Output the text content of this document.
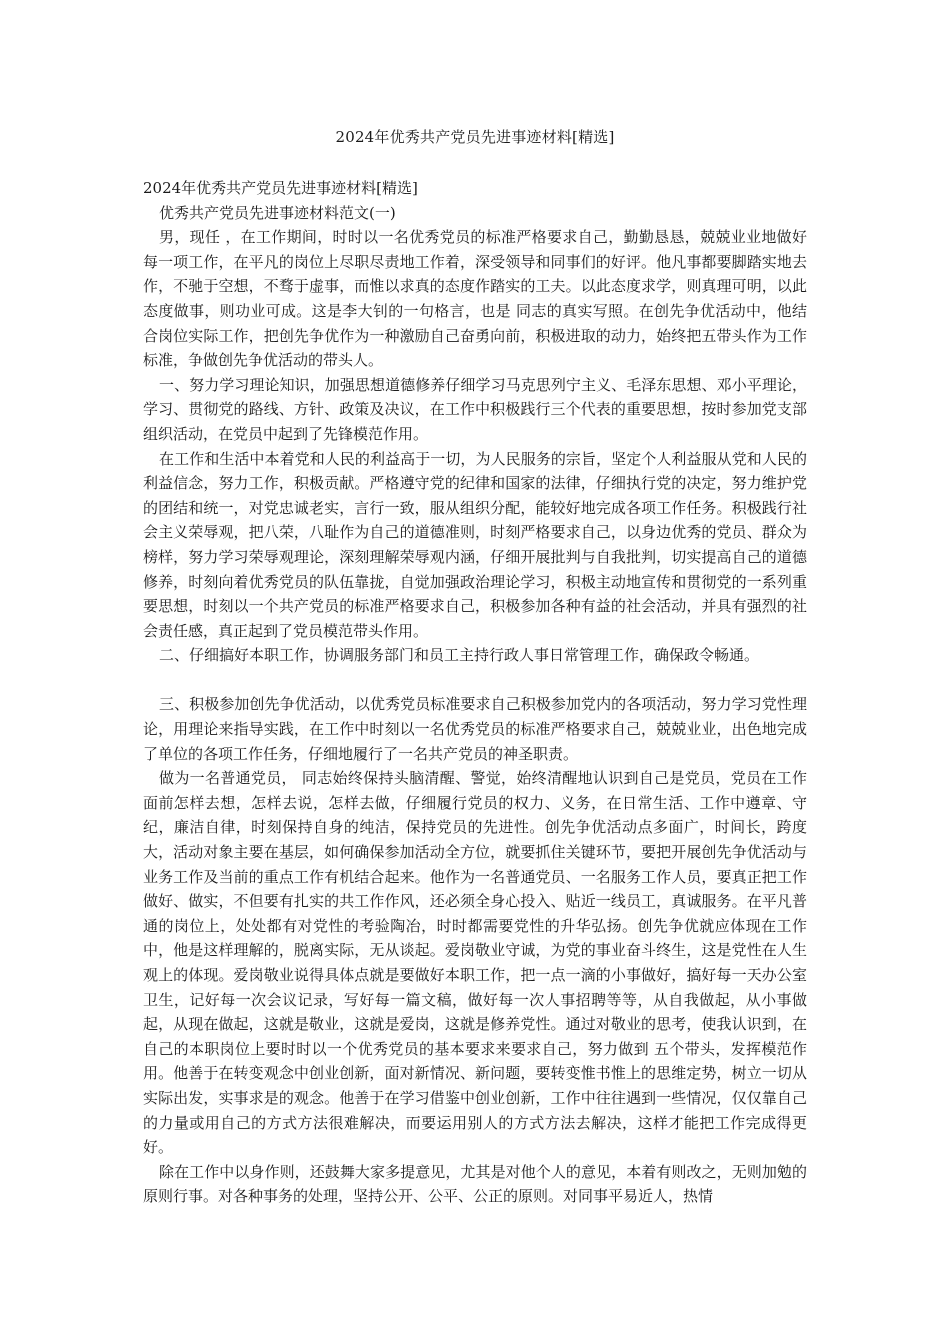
2024年优秀共产党员先进事迹材料[精选]

2024年优秀共产党员先进事迹材料[精选]

优秀共产党员先进事迹材料范文(一)

男，现任 ，在工作期间，时时以一名优秀党员的标准严格要求自己，勤勤恳恳，兢兢业业地做好每一项工作，在平凡的岗位上尽职尽责地工作着，深受领导和同事们的好评。他凡事都要脚踏实地去作，不驰于空想，不骛于虚事，而惟以求真的态度作踏实的工夫。以此态度求学，则真理可明，以此态度做事，则功业可成。这是李大钊的一句格言，也是 同志的真实写照。在创先争优活动中，他结合岗位实际工作，把创先争优作为一种激励自己奋勇向前，积极进取的动力，始终把五带头作为工作标准，争做创先争优活动的带头人。

一、努力学习理论知识，加强思想道德修养仔细学习马克思列宁主义、毛泽东思想、邓小平理论，学习、贯彻党的路线、方针、政策及决议，在工作中积极践行三个代表的重要思想，按时参加党支部组织活动，在党员中起到了先锋模范作用。

在工作和生活中本着党和人民的利益高于一切，为人民服务的宗旨，坚定个人利益服从党和人民的利益信念，努力工作，积极贡献。严格遵守党的纪律和国家的法律，仔细执行党的决定，努力维护党的团结和统一，对党忠诚老实，言行一致，服从组织分配，能较好地完成各项工作任务。积极践行社会主义荣辱观，把八荣，八耻作为自己的道德准则，时刻严格要求自己，以身边优秀的党员、群众为榜样，努力学习荣辱观理论，深刻理解荣辱观内涵，仔细开展批判与自我批判，切实提高自己的道德修养，时刻向着优秀党员的队伍靠拢，自觉加强政治理论学习，积极主动地宣传和贯彻党的一系列重要思想，时刻以一个共产党员的标准严格要求自己，积极参加各种有益的社会活动，并具有强烈的社会责任感，真正起到了党员模范带头作用。

二、仔细搞好本职工作，协调服务部门和员工主持行政人事日常管理工作，确保政令畅通。

三、积极参加创先争优活动，以优秀党员标准要求自己积极参加党内的各项活动，努力学习党性理论，用理论来指导实践，在工作中时刻以一名优秀党员的标准严格要求自己，兢兢业业，出色地完成了单位的各项工作任务，仔细地履行了一名共产党员的神圣职责。

做为一名普通党员， 同志始终保持头脑清醒、警觉，始终清醒地认识到自己是党员，党员在工作面前怎样去想，怎样去说，怎样去做，仔细履行党员的权力、义务，在日常生活、工作中遵章、守纪，廉洁自律，时刻保持自身的纯洁，保持党员的先进性。创先争优活动点多面广，时间长，跨度大，活动对象主要在基层，如何确保参加活动全方位，就要抓住关键环节，要把开展创先争优活动与业务工作及当前的重点工作有机结合起来。他作为一名普通党员、一名服务工作人员，要真正把工作做好、做实，不但要有扎实的共工作作风，还必须全身心投入、贴近一线员工，真诚服务。在平凡普通的岗位上，处处都有对党性的考验陶冶，时时都需要党性的升华弘扬。创先争优就应体现在工作中，他是这样理解的，脱离实际，无从谈起。爱岗敬业守诚，为党的事业奋斗终生，这是党性在人生观上的体现。爱岗敬业说得具体点就是要做好本职工作，把一点一滴的小事做好，搞好每一天办公室卫生，记好每一次会议记录，写好每一篇文稿，做好每一次人事招聘等等，从自我做起，从小事做起，从现在做起，这就是敬业，这就是爱岗，这就是修养党性。通过对敬业的思考，使我认识到，在自己的本职岗位上要时时以一个优秀党员的基本要求来要求自己，努力做到 五个带头，发挥模范作用。他善于在转变观念中创业创新，面对新情况、新问题，要转变惟书惟上的思维定势，树立一切从实际出发，实事求是的观念。他善于在学习借鉴中创业创新，工作中往往遇到一些情况，仅仅靠自己的力量或用自己的方式方法很难解决，而要运用别人的方式方法去解决，这样才能把工作完成得更好。

除在工作中以身作则，还鼓舞大家多提意见，尤其是对他个人的意见，本着有则改之，无则加勉的原则行事。对各种事务的处理，坚持公开、公平、公正的原则。对同事平易近人，热情
